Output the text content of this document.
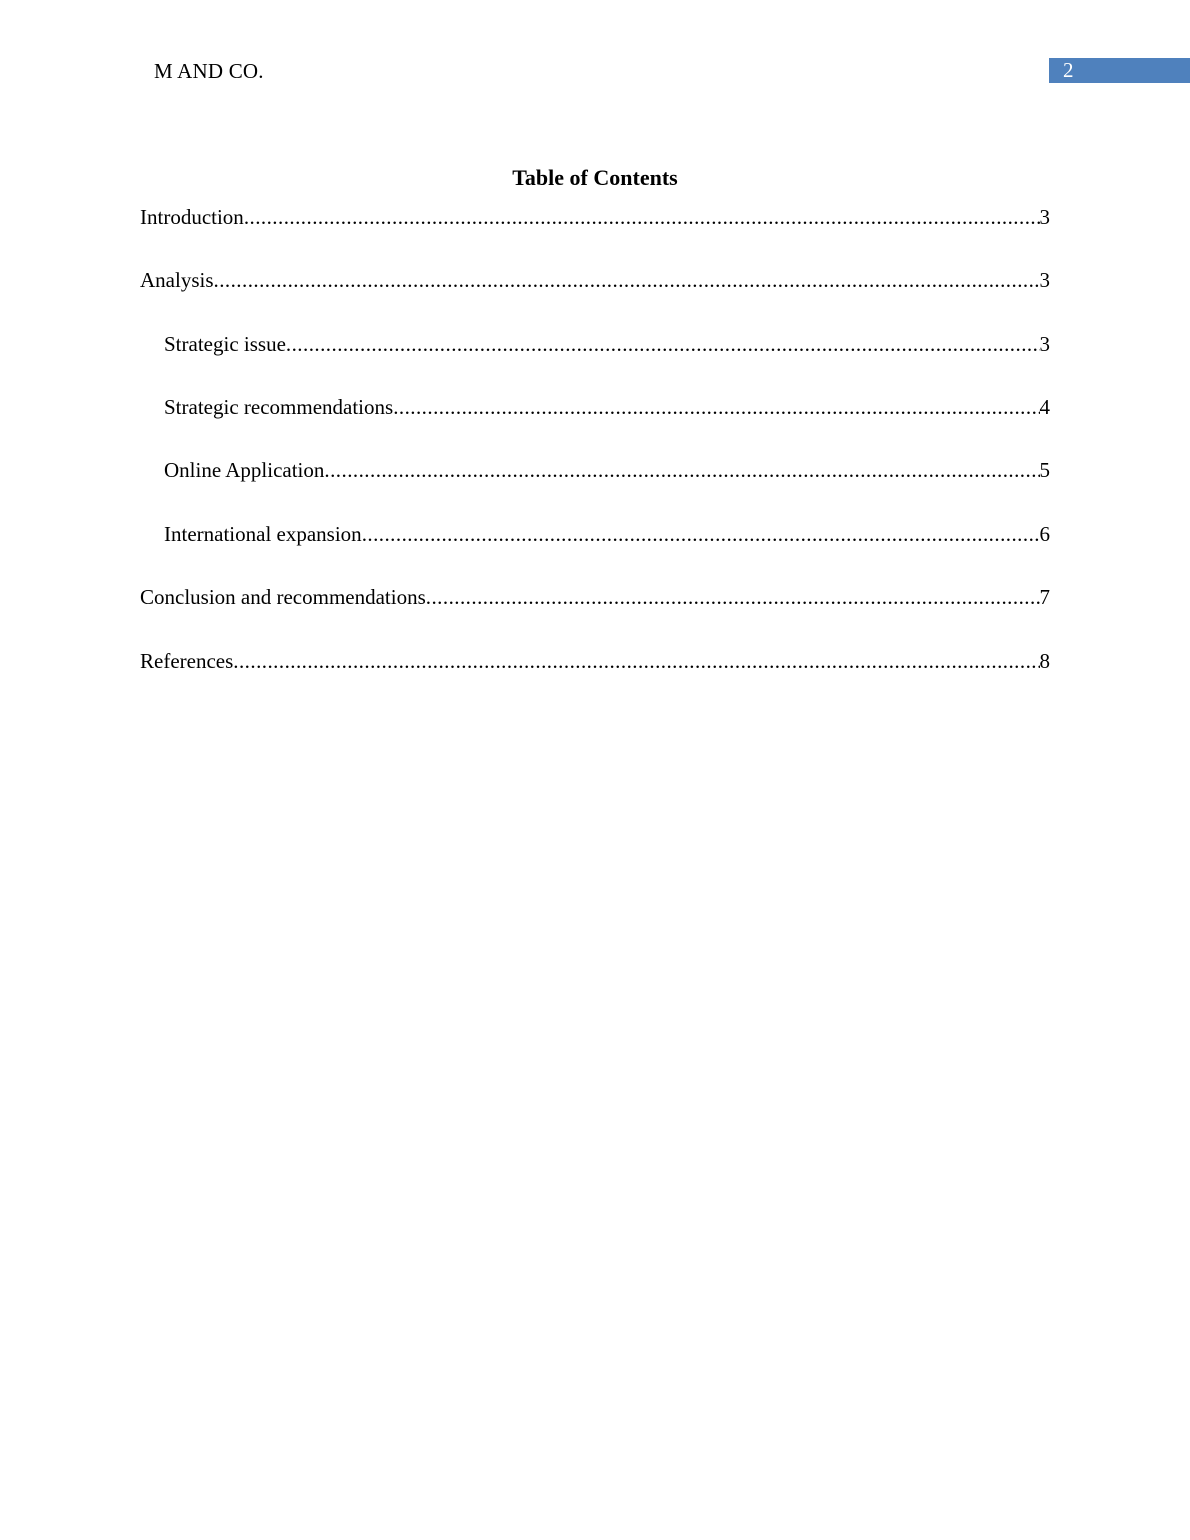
M AND CO.	2
Table of Contents
Introduction .....	3
Analysis .....	3
Strategic issue .....	3
Strategic recommendations .....	4
Online Application .....	5
International expansion .....	6
Conclusion and recommendations .....	7
References .....	8
